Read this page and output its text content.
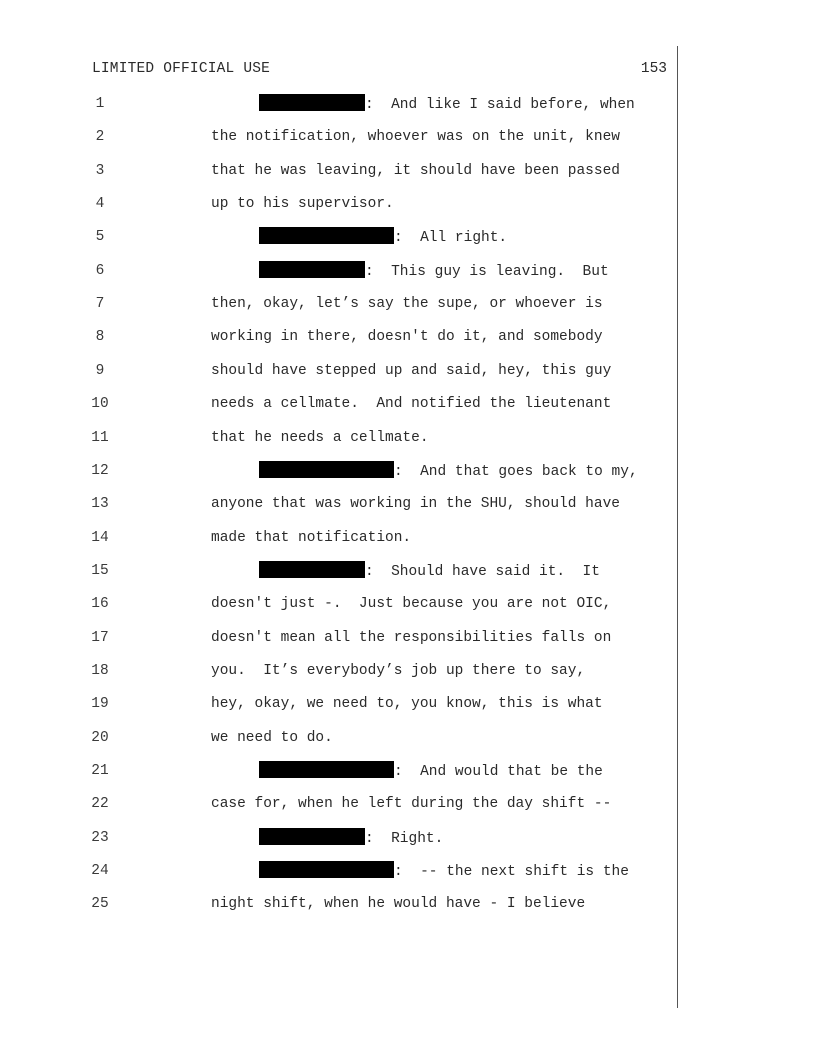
LIMITED OFFICIAL USE	153
1	:  And like I said before, when
2	the notification, whoever was on the unit, knew
3	that he was leaving, it should have been passed
4	up to his supervisor.
5	:  All right.
6	:  This guy is leaving.  But
7	then, okay, let’s say the supe, or whoever is
8	working in there, doesn't do it, and somebody
9	should have stepped up and said, hey, this guy
10	needs a cellmate.  And notified the lieutenant
11	that he needs a cellmate.
12	:  And that goes back to my,
13	anyone that was working in the SHU, should have
14	made that notification.
15	:  Should have said it.  It
16	doesn't just -.  Just because you are not OIC,
17	doesn't mean all the responsibilities falls on
18	you.  It’s everybody’s job up there to say,
19	hey, okay, we need to, you know, this is what
20	we need to do.
21	:  And would that be the
22	case for, when he left during the day shift --
23	:  Right.
24	:  -- the next shift is the
25	night shift, when he would have - I believe
